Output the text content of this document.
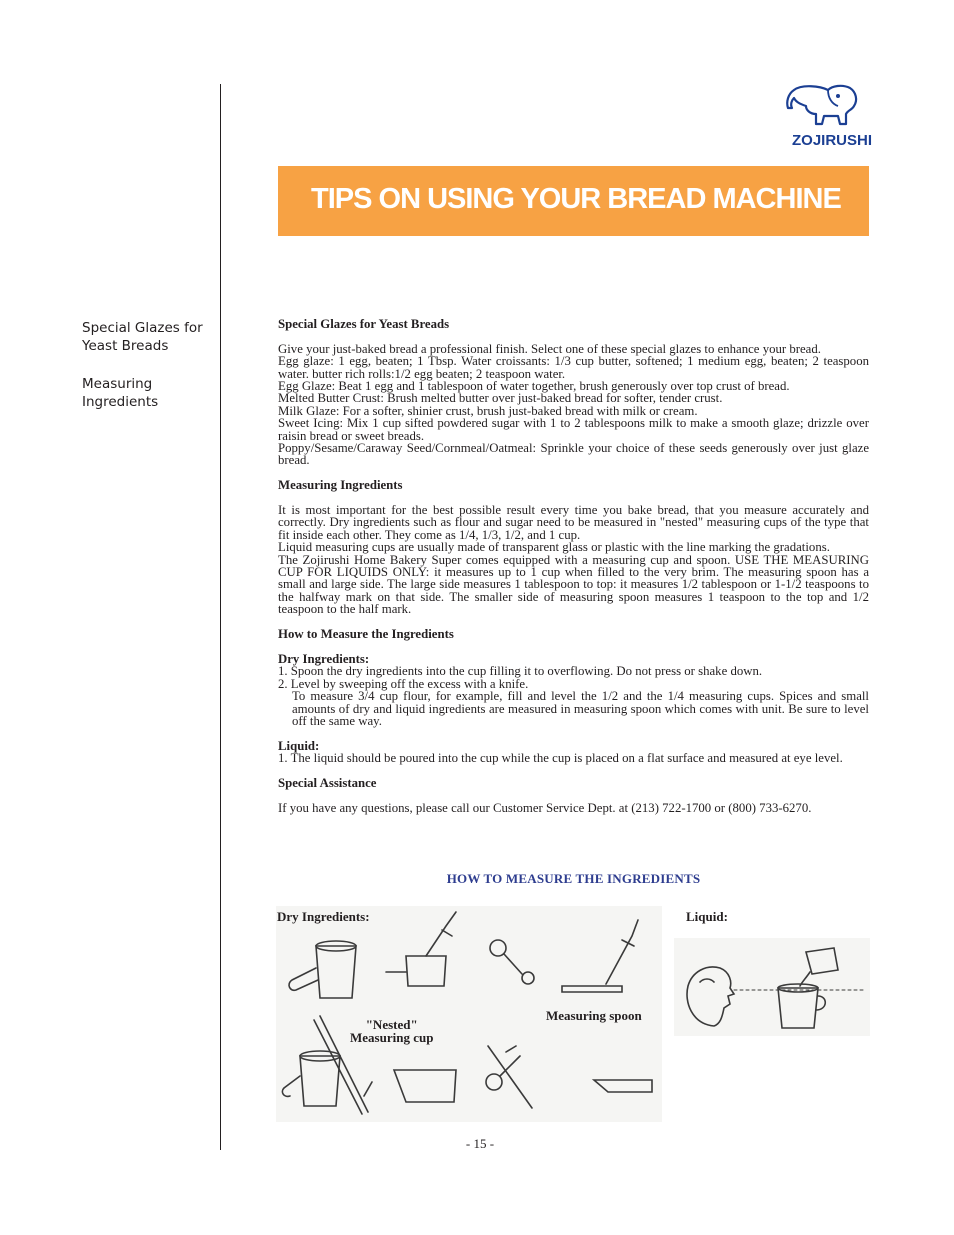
ZOJIRUSHI
TIPS ON USING YOUR BREAD MACHINE
Special Glazes for Yeast Breads
Measuring Ingredients

Special Glazes for Yeast Breads

Give your just-baked bread a professional finish. Select one of these special glazes to enhance your bread.

Egg glaze: 1 egg, beaten; 1 Tbsp. Water croissants: 1/3 cup butter, softened; 1 medium egg, beaten; 2 teaspoon water. butter rich rolls:1/2 egg beaten; 2 teaspoon water.

Egg Glaze: Beat 1 egg and 1 tablespoon of water together, brush generously over top crust of bread.

Melted Butter Crust: Brush melted butter over just-baked bread for softer, tender crust.

Milk Glaze: For a softer, shinier crust, brush just-baked bread with milk or cream.

Sweet Icing: Mix 1 cup sifted powdered sugar with 1 to 2 tablespoons milk to make a smooth glaze; drizzle over raisin bread or sweet breads.

Poppy/Sesame/Caraway Seed/Cornmeal/Oatmeal: Sprinkle your choice of these seeds generously over just glaze bread.

Measuring Ingredients

It is most important for the best possible result every time you bake bread, that you measure accurately and correctly. Dry ingredients such as flour and sugar need to be measured in "nested" measuring cups of the type that fit inside each other. They come as 1/4, 1/3, 1/2, and 1 cup.

Liquid measuring cups are usually made of transparent glass or plastic with the line marking the gradations.

The Zojirushi Home Bakery Super comes equipped with a measuring cup and spoon. USE THE MEASURING CUP FOR LIQUIDS ONLY: it measures up to 1 cup when filled to the very brim. The measuring spoon has a small and large side. The large side measures 1 tablespoon to top: it measures 1/2 tablespoon or 1-1/2 teaspoons to the halfway mark on that side. The smaller side of measuring spoon measures 1 teaspoon to the top and 1/2 teaspoon to the half mark.

How to Measure the Ingredients

Dry Ingredients:

1. Spoon the dry ingredients into the cup filling it to overflowing. Do not press or shake down.

2. Level by sweeping off the excess with a knife.

To measure 3/4 cup flour, for example, fill and level the 1/2 and the 1/4 measuring cups. Spices and small amounts of dry and liquid ingredients are measured in measuring spoon which comes with unit. Be sure to level off the same way.

Liquid:

1. The liquid should be poured into the cup while the cup is placed on a flat surface and measured at eye level.

Special Assistance

If you have any questions, please call our Customer Service Dept. at (213) 722-1700 or (800) 733-6270.

HOW TO MEASURE THE INGREDIENTS
Dry Ingredients:	Liquid:
Measuring spoon
"Nested"
Measuring cup
- 15 -
